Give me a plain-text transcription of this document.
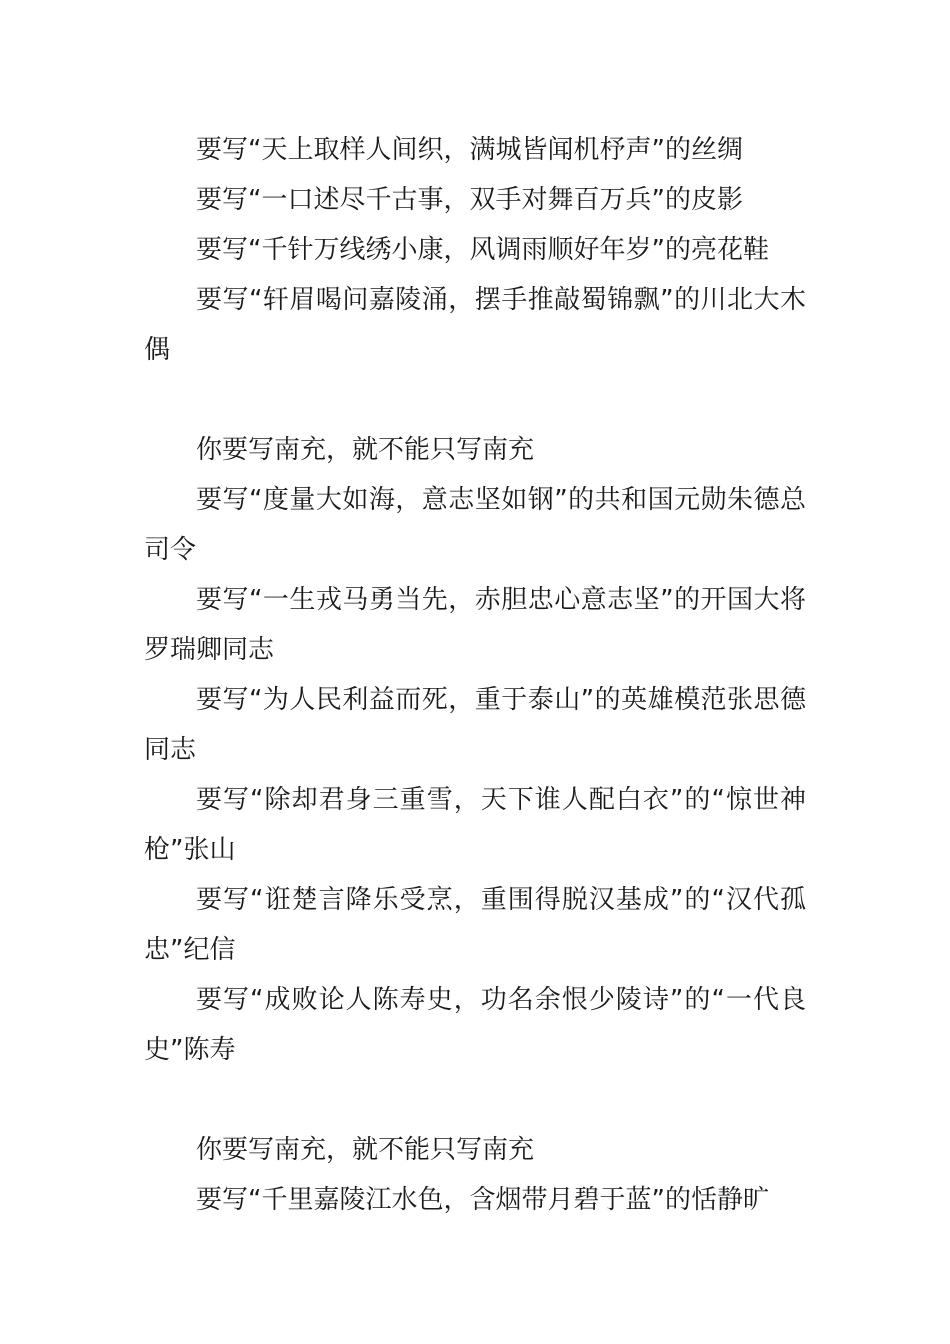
要写“天上取样人间织，满城皆闻机杼声”的丝绸

要写“一口述尽千古事，双手对舞百万兵”的皮影

要写“千针万线绣小康，风调雨顺好年岁”的亮花鞋

要写“轩眉喝问嘉陵涌，摆手推敲蜀锦飘”的川北大木偶

你要写南充，就不能只写南充

要写“度量大如海，意志坚如钢”的共和国元勋朱德总司令

要写“一生戎马勇当先，赤胆忠心意志坚”的开国大将罗瑞卿同志

要写“为人民利益而死，重于泰山”的英雄模范张思德同志

要写“除却君身三重雪，天下谁人配白衣”的“惊世神枪”张山

要写“诳楚言降乐受烹，重围得脱汉基成”的“汉代孤忠”纪信

要写“成败论人陈寿史，功名余恨少陵诗”的“一代良史”陈寿

你要写南充，就不能只写南充

要写“千里嘉陵江水色，含烟带月碧于蓝”的恬静旷
